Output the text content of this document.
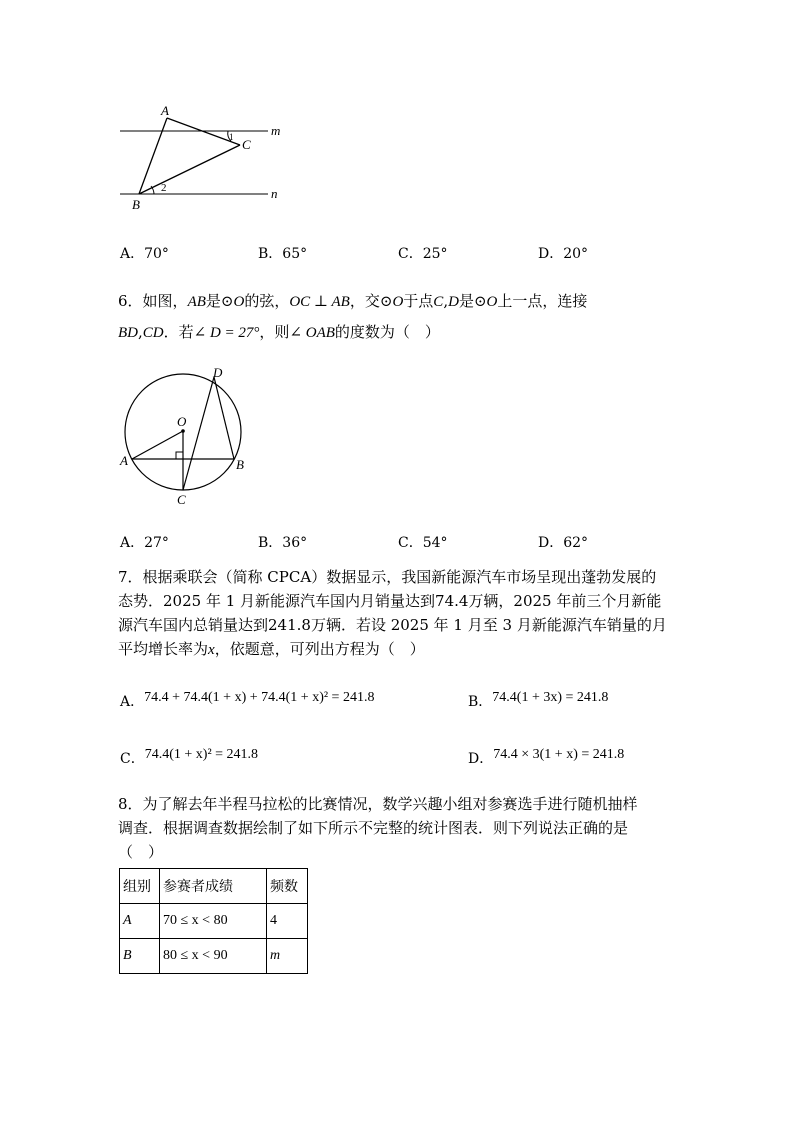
A
C
B
m
n
1
2
A．70°	B．65°	C．25°	D．20°
6．如图，AB是⊙O的弦，OC ⊥ AB，交⊙O于点C,D是⊙O上一点，连接
BD,CD．若∠ D = 27°，则∠ OAB的度数为（　）
O
D
A	B
C
A．27°	B．36°	C．54°	D．62°
7．根据乘联会（简称 CPCA）数据显示，我国新能源汽车市场呈现出蓬勃发展的
态势．2025 年 1 月新能源汽车国内月销量达到74.4万辆，2025 年前三个月新能
源汽车国内总销量达到241.8万辆．若设 2025 年 1 月至 3 月新能源汽车销量的月
平均增长率为x，依题意，可列出方程为（　）
A．74.4 + 74.4(1 + x) + 74.4(1 + x)² = 241.8	B．74.4(1 + 3x) = 241.8
C．74.4(1 + x)² = 241.8	D．74.4 × 3(1 + x) = 241.8
8．为了解去年半程马拉松的比赛情况，数学兴趣小组对参赛选手进行随机抽样
调查．根据调查数据绘制了如下所示不完整的统计图表．则下列说法正确的是
（　）
组别	参赛者成绩	频数
A	70 ≤ x < 80	4
B	80 ≤ x < 90	m
